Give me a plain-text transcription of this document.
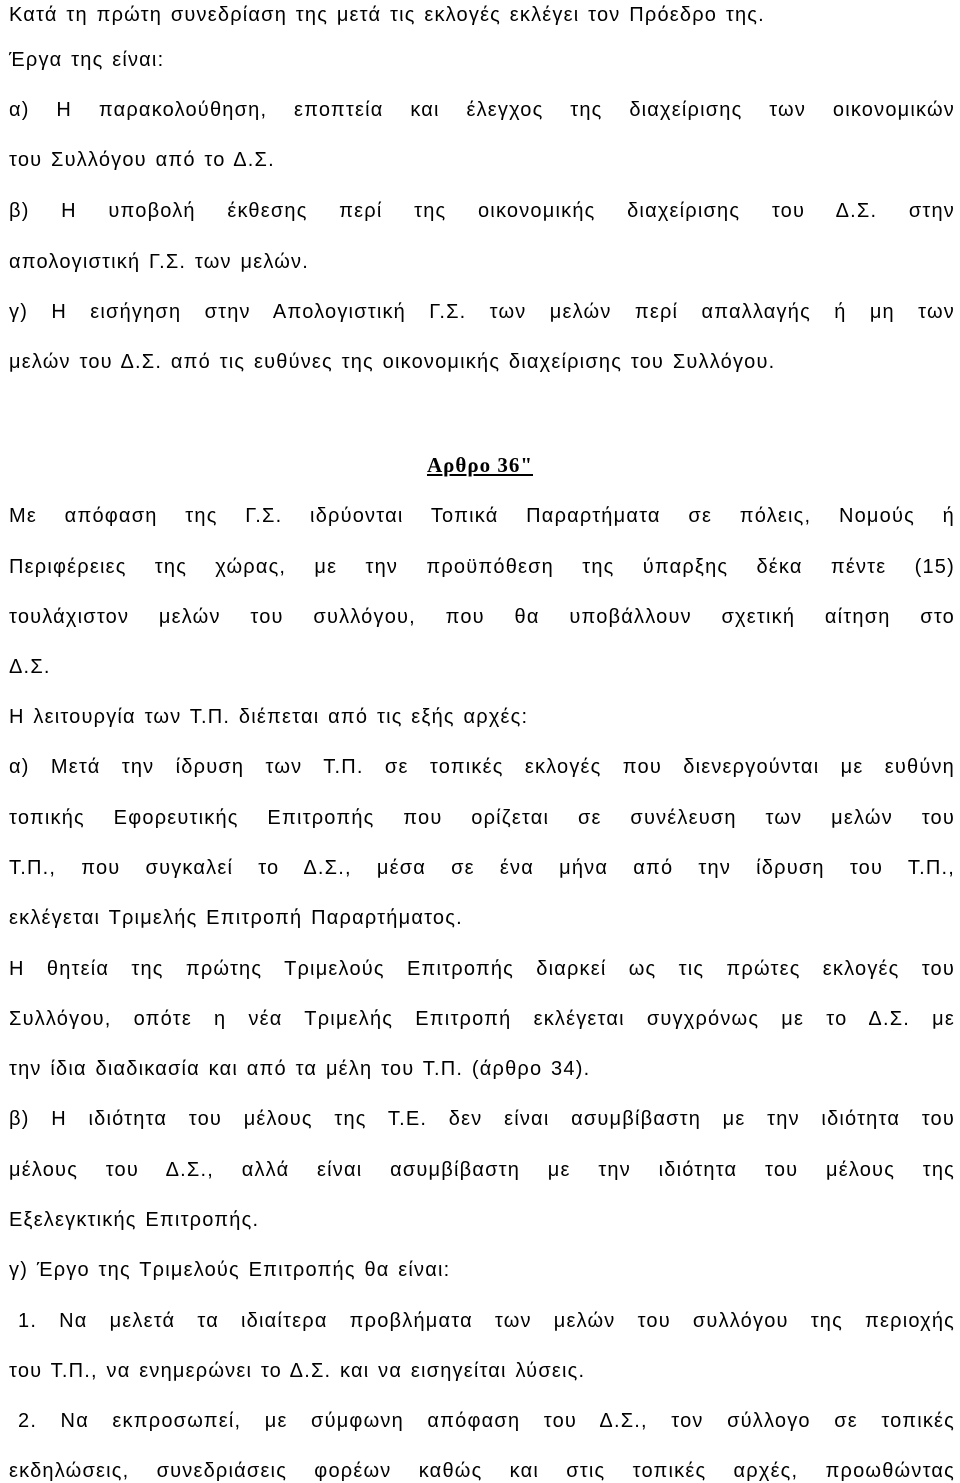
Κατά τη πρώτη συνεδρίαση της μετά τις εκλογές εκλέγει τον Πρόεδρο της.
Έργα της είναι:
α) Η παρακολούθηση, εποπτεία και έλεγχος της διαχείρισης των οικονομικών
του Συλλόγου από το Δ.Σ.
β) Η υποβολή έκθεσης περί της οικονομικής διαχείρισης του Δ.Σ. στην
απολογιστική Γ.Σ. των μελών.
γ) Η εισήγηση στην Απολογιστική Γ.Σ. των μελών περί απαλλαγής ή μη των
μελών του Δ.Σ. από τις ευθύνες της οικονομικής διαχείρισης του Συλλόγου.
Αρθρο 36"
Με απόφαση της Γ.Σ. ιδρύονται Τοπικά Παραρτήματα σε πόλεις, Νομούς ή
Περιφέρειες της χώρας, με την προϋπόθεση της ύπαρξης δέκα πέντε (15)
τουλάχιστον μελών του συλλόγου, που θα υποβάλλουν σχετική αίτηση στο
Δ.Σ.
Η λειτουργία των Τ.Π. διέπεται από τις εξής αρχές:
α) Μετά την ίδρυση των Τ.Π. σε τοπικές εκλογές που διενεργούνται με ευθύνη
τοπικής Εφορευτικής Επιτροπής που ορίζεται σε συνέλευση των μελών του
Τ.Π., που συγκαλεί το Δ.Σ., μέσα σε ένα μήνα από την ίδρυση του Τ.Π.,
εκλέγεται Τριμελής Επιτροπή Παραρτήματος.
Η θητεία της πρώτης Τριμελούς Επιτροπής διαρκεί ως τις πρώτες εκλογές του
Συλλόγου, οπότε η νέα Τριμελής Επιτροπή εκλέγεται συγχρόνως με το Δ.Σ. με
την ίδια διαδικασία και από τα μέλη του Τ.Π. (άρθρο 34).
β) Η ιδιότητα του μέλους της Τ.Ε. δεν είναι ασυμβίβαστη με την ιδιότητα του
μέλους του Δ.Σ., αλλά είναι ασυμβίβαστη με την ιδιότητα του μέλους της
Εξελεγκτικής Επιτροπής.
γ) Έργο της Τριμελούς Επιτροπής θα είναι:
1. Να μελετά τα ιδιαίτερα προβλήματα των μελών του συλλόγου της περιοχής
του Τ.Π., να ενημερώνει το Δ.Σ. και να εισηγείται λύσεις.
2. Να εκπροσωπεί, με σύμφωνη απόφαση του Δ.Σ., τον σύλλογο σε τοπικές
εκδηλώσεις, συνεδριάσεις φορέων καθώς και στις τοπικές αρχές, προωθώντας
